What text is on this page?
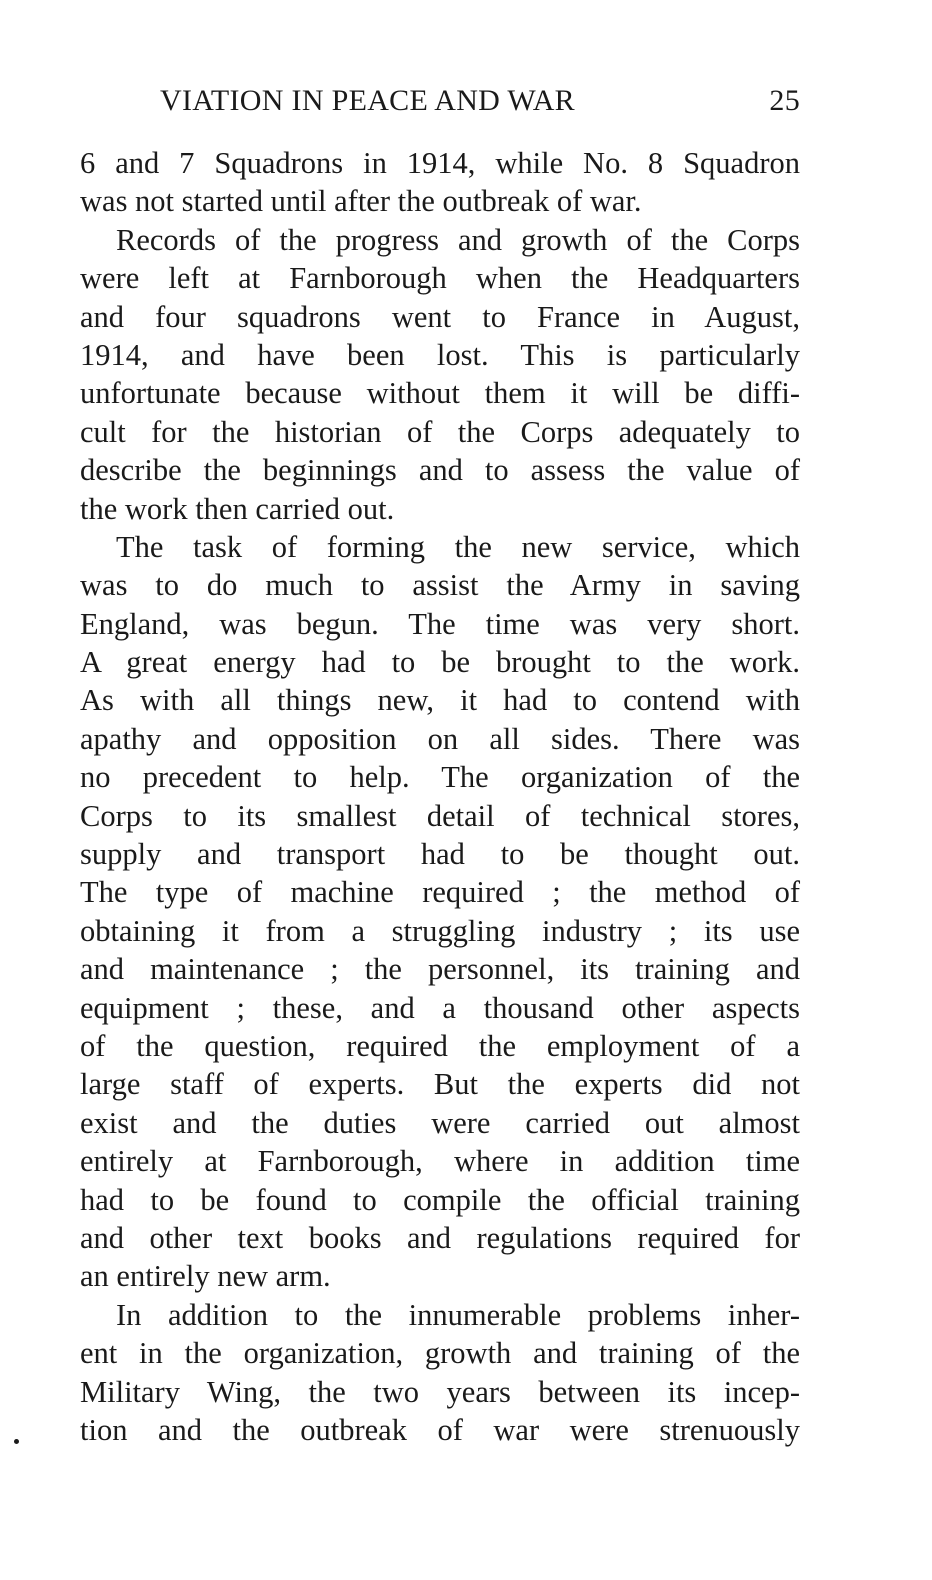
VIATION IN PEACE AND WAR	25
6 and 7 Squadrons in 1914, while No. 8 Squadron
was not started until after the outbreak of war.
Records of the progress and growth of the Corps
were left at Farnborough when the Headquarters
and four squadrons went to France in August,
1914, and have been lost. This is particularly
unfortunate because without them it will be diffi-
cult for the historian of the Corps adequately to
describe the beginnings and to assess the value of
the work then carried out.
The task of forming the new service, which
was to do much to assist the Army in saving
England, was begun. The time was very short.
A great energy had to be brought to the work.
As with all things new, it had to contend with
apathy and opposition on all sides. There was
no precedent to help. The organization of the
Corps to its smallest detail of technical stores,
supply and transport had to be thought out.
The type of machine required ; the method of
obtaining it from a struggling industry ; its use
and maintenance ; the personnel, its training and
equipment ; these, and a thousand other aspects
of the question, required the employment of a
large staff of experts. But the experts did not
exist and the duties were carried out almost
entirely at Farnborough, where in addition time
had to be found to compile the official training
and other text books and regulations required for
an entirely new arm.
In addition to the innumerable problems inher-
ent in the organization, growth and training of the
Military Wing, the two years between its incep-
tion and the outbreak of war were strenuously
